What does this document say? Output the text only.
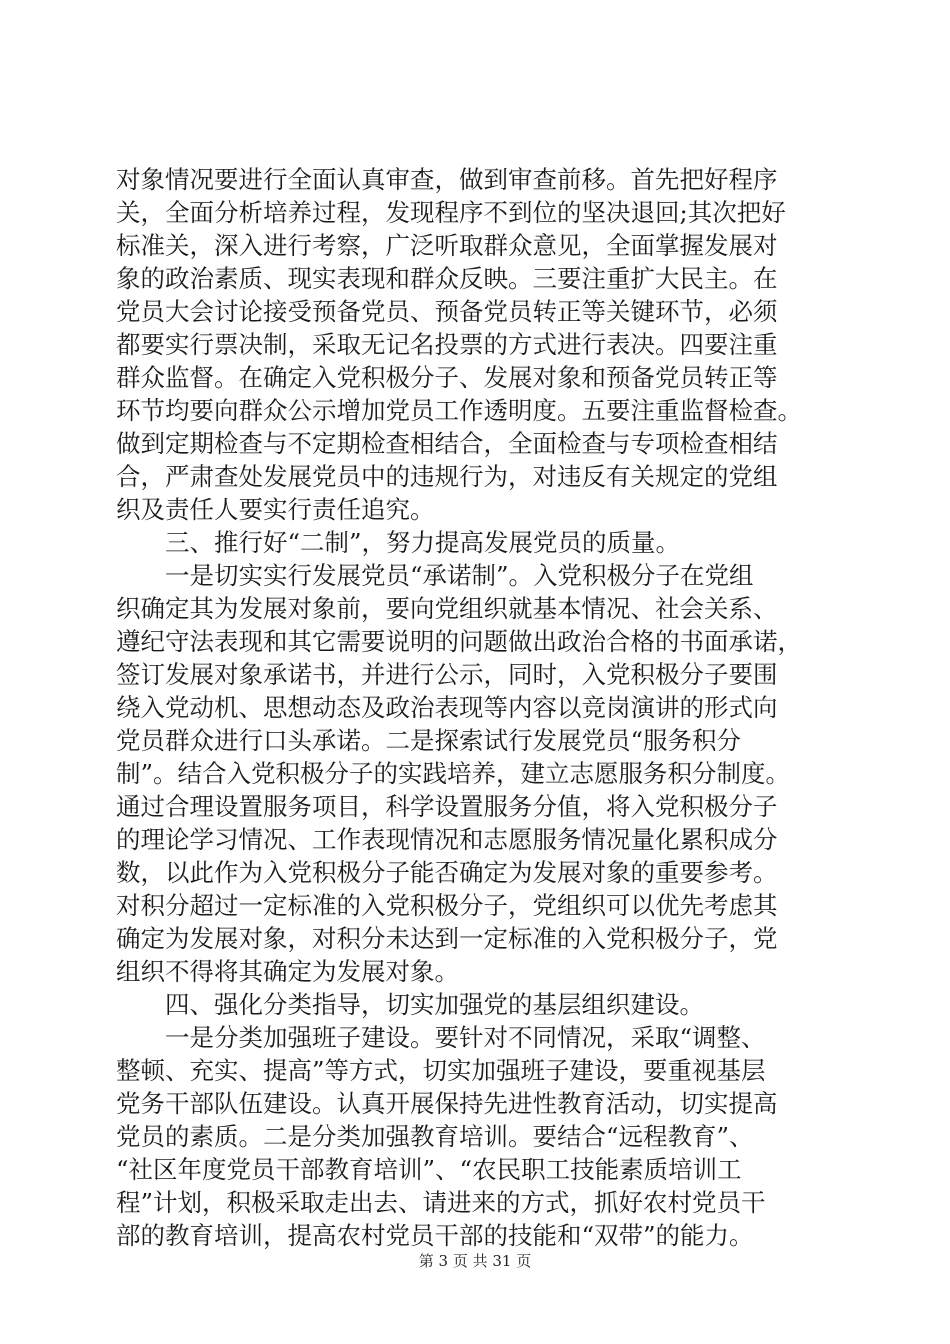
对象情况要进行全面认真审查，做到审查前移。首先把好程序
关，全面分析培养过程，发现程序不到位的坚决退回;其次把好
标准关，深入进行考察，广泛听取群众意见，全面掌握发展对
象的政治素质、现实表现和群众反映。三要注重扩大民主。在
党员大会讨论接受预备党员、预备党员转正等关键环节，必须
都要实行票决制，采取无记名投票的方式进行表决。四要注重
群众监督。在确定入党积极分子、发展对象和预备党员转正等
环节均要向群众公示增加党员工作透明度。五要注重监督检查。
做到定期检查与不定期检查相结合，全面检查与专项检查相结
合，严肃查处发展党员中的违规行为，对违反有关规定的党组
织及责任人要实行责任追究。
　　三、推行好“二制”，努力提高发展党员的质量。
　　一是切实实行发展党员“承诺制”。入党积极分子在党组
织确定其为发展对象前，要向党组织就基本情况、社会关系、
遵纪守法表现和其它需要说明的问题做出政治合格的书面承诺，
签订发展对象承诺书，并进行公示，同时，入党积极分子要围
绕入党动机、思想动态及政治表现等内容以竞岗演讲的形式向
党员群众进行口头承诺。二是探索试行发展党员“服务积分
制”。结合入党积极分子的实践培养，建立志愿服务积分制度。
通过合理设置服务项目，科学设置服务分值，将入党积极分子
的理论学习情况、工作表现情况和志愿服务情况量化累积成分
数，以此作为入党积极分子能否确定为发展对象的重要参考。
对积分超过一定标准的入党积极分子，党组织可以优先考虑其
确定为发展对象，对积分未达到一定标准的入党积极分子，党
组织不得将其确定为发展对象。
　　四、强化分类指导，切实加强党的基层组织建设。
　　一是分类加强班子建设。要针对不同情况，采取“调整、
整顿、充实、提高”等方式，切实加强班子建设，要重视基层
党务干部队伍建设。认真开展保持先进性教育活动，切实提高
党员的素质。二是分类加强教育培训。要结合“远程教育”、
“社区年度党员干部教育培训”、“农民职工技能素质培训工
程”计划，积极采取走出去、请进来的方式，抓好农村党员干
部的教育培训，提高农村党员干部的技能和“双带”的能力。
第 3 页 共 31 页
